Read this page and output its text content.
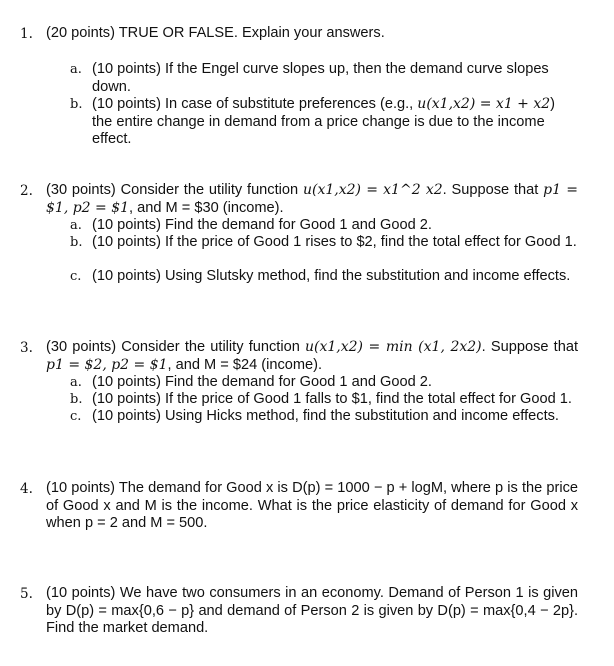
1. (20 points) TRUE OR FALSE. Explain your answers.
a. (10 points) If the Engel curve slopes up, then the demand curve slopes down.
b. (10 points) In case of substitute preferences (e.g., u(x1,x2) = x1 + x2) the entire change in demand from a price change is due to the income effect.
2. (30 points) Consider the utility function u(x1,x2) = x1^2 x2. Suppose that p1 = $1, p2 = $1, and M = $30 (income).
a. (10 points) Find the demand for Good 1 and Good 2.
b. (10 points) If the price of Good 1 rises to $2, find the total effect for Good 1.
c. (10 points) Using Slutsky method, find the substitution and income effects.
3. (30 points) Consider the utility function u(x1,x2) = min (x1, 2x2). Suppose that p1 = $2, p2 = $1, and M = $24 (income).
a. (10 points) Find the demand for Good 1 and Good 2.
b. (10 points) If the price of Good 1 falls to $1, find the total effect for Good 1.
c. (10 points) Using Hicks method, find the substitution and income effects.
4. (10 points) The demand for Good x is D(p) = 1000 − p + logM, where p is the price of Good x and M is the income. What is the price elasticity of demand for Good x when p = 2 and M = 500.
5. (10 points) We have two consumers in an economy. Demand of Person 1 is given by D(p) = max{0,6 − p} and demand of Person 2 is given by D(p) = max{0,4 − 2p}. Find the market demand.
